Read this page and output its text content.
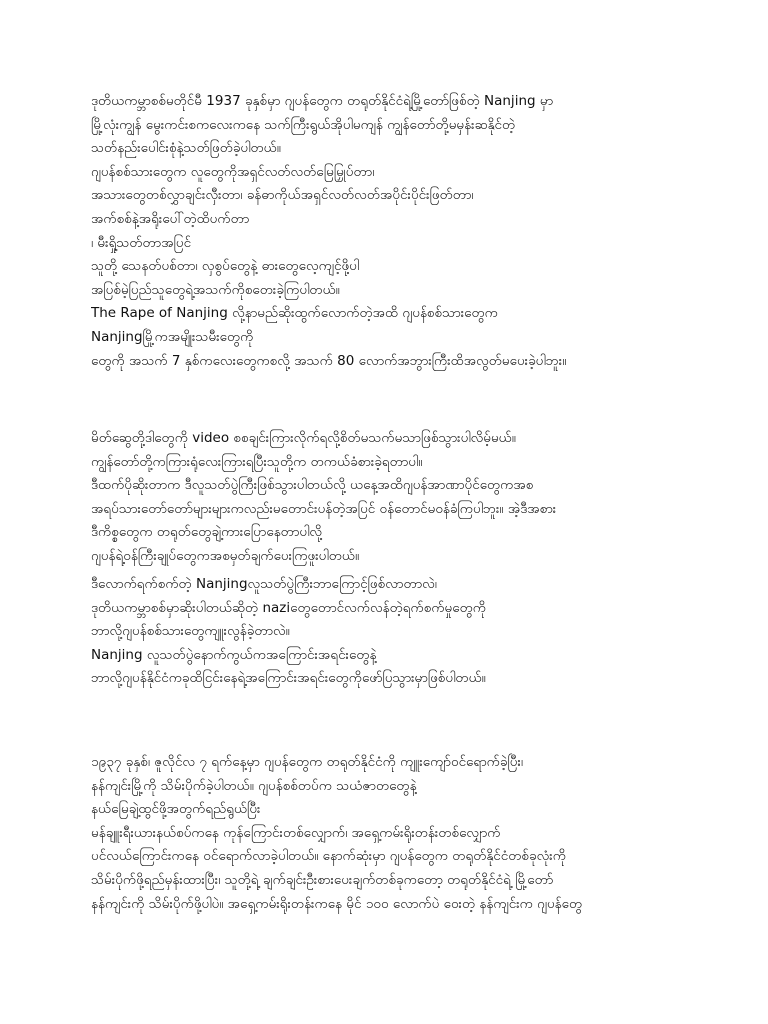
ဒုတိယကမ္ဘာစစ်မတိုင်မီ 1937 ခုနှစ်မှာ ဂျပန်တွေက တရုတ်နိုင်ငံရဲ့မြို့တော်ဖြစ်တဲ့ Nanjing မှာ
မြို့လုံးကျွန် မွေးကင်းစကလေးကနေ သက်ကြီးရွယ်အိုပါမကျန် ကျွန်တော်တို့မမှန်းဆနိုင်တဲ့
သတ်နည်းပေါင်းစုံနဲ့သတ်ဖြတ်ခဲ့ပါတယ်။
ဂျပန်စစ်သားတွေက လူတွေကိုအရှင်လတ်လတ်မြေမြှုပ်တာ၊
အသားတွေတစ်လွှာချင်းလှီးတာ၊ ခန်ဓာကိုယ်အရှင်လတ်လတ်အပိုင်းပိုင်းဖြတ်တာ၊
အက်စစ်နဲ့အရိုးပေါ်တဲ့ထိပက်တာ
၊ မီးရှို့သတ်တာအပြင်
သူတို့ သေနတ်ပစ်တာ၊ လှစွပ်တွေနဲ့ ဓားတွေလေ့ကျင့်ဖို့ပါ
အပြစ်မဲ့ပြည်သူတွေရဲ့အသက်ကိုစတေးခဲ့ကြပါတယ်။
The Rape of Nanjing လို့နာမည်ဆိုးထွက်လောက်တဲ့အထိ ဂျပန်စစ်သားတွေက
Nanjingမြို့ကအမျိုးသမီးတွေကို
တွေကို အသက် 7 နှစ်ကလေးတွေကစလို့ အသက် 80 လောက်အဘွားကြီးထိအလွတ်မပေးခဲ့ပါဘူး။
မိတ်ဆွေတို့ဒါတွေကို video စစချင်းကြားလိုက်ရလို့စိတ်မသက်မသာဖြစ်သွားပါလိမ့်မယ်။
ကျွန်တော်တို့ကကြားရုံလေးကြားရပြီးသူတို့က တကယ်ခံစားခဲ့ရတာပါ။
ဒီထက်ပိုဆိုးတာက ဒီလူသတ်ပွဲကြီးဖြစ်သွားပါတယ်လို့ ယနေ့အထိဂျပန်အာဏာပိုင်တွေကအစ
အရပ်သားတော်တော်များများကလည်းမတောင်းပန်တဲ့အပြင် ဝန်တောင်မဝန်ခံကြပါဘူး။ အဲ့ဒီအစား
ဒီကိစ္စတွေက တရုတ်တွေချဲ့ကားပြောနေတာပါလို့
ဂျပန်ရဲ့ဝန်ကြီးချုပ်တွေကအစမှတ်ချက်ပေးကြဖူးပါတယ်။
ဒီလောက်ရက်စက်တဲ့ Nanjingလူသတ်ပွဲကြီးဘာကြောင့်ဖြစ်လာတာလဲ၊
ဒုတိယကမ္ဘာစစ်မှာဆိုးပါတယ်ဆိုတဲ့ naziတွေတောင်လက်လန်တဲ့ရက်စက်မှုတွေကို
ဘာလို့ဂျပန်စစ်သားတွေကျူးလွန်ခဲ့တာလဲ။
Nanjing လူသတ်ပွဲနောက်ကွယ်ကအကြောင်းအရင်းတွေနဲ့
ဘာလို့ဂျပန်နိုင်ငံကခုထိငြင်းနေရဲ့အကြောင်းအရင်းတွေကိုဖော်ပြသွားမှာဖြစ်ပါတယ်။
၁၉၃၇ ခုနှစ်၊ ဇူလိုင်လ ၇ ရက်နေ့မှာ ဂျပန်တွေက တရုတ်နိုင်ငံကို ကျူးကျော်ဝင်ရောက်ခဲ့ပြီး၊
နန်ကျင်းမြို့ကို သိမ်းပိုက်ခဲ့ပါတယ်။ ဂျပန်စစ်တပ်က သယံဇာတတွေနဲ့
နယ်မြေချဲ့ထွင်ဖို့အတွက်ရည်ရွယ်ပြီး
မန်ချူးရီးယားနယ်စပ်ကနေ ကုန်ကြောင်းတစ်လျှောက်၊ အရှေ့ကမ်းရိုးတန်းတစ်လျှောက်
ပင်လယ်ကြောင်းကနေ ဝင်ရောက်လာခဲ့ပါတယ်။ နောက်ဆုံးမှာ ဂျပန်တွေက တရုတ်နိုင်ငံတစ်ခုလုံးကို
သိမ်းပိုက်ဖို့ရည်မှန်းထားပြီး၊ သူတို့ရဲ့ ချက်ချင်းဦးစားပေးချက်တစ်ခုကတော့ တရုတ်နိုင်ငံရဲ့ မြို့တော်
နန်ကျင်းကို သိမ်းပိုက်ဖို့ပါပဲ။ အရှေ့ကမ်းရိုးတန်းကနေ မိုင် ၁၀၀ လောက်ပဲ ဝေးတဲ့ နန်ကျင်းက ဂျပန်တွေ
